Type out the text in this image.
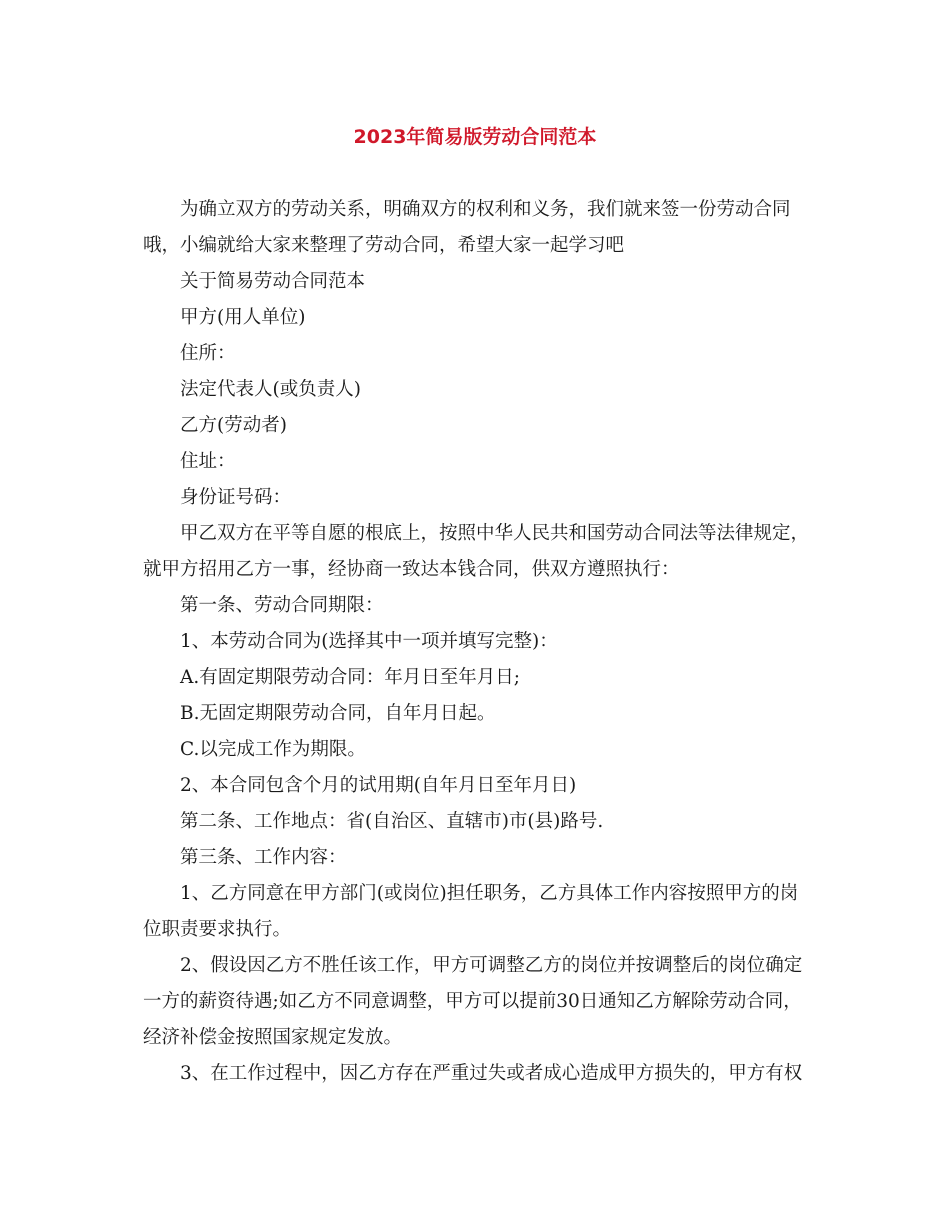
2023年简易版劳动合同范本

为确立双方的劳动关系，明确双方的权利和义务，我们就来签一份劳动合同哦，小编就给大家来整理了劳动合同，希望大家一起学习吧

关于简易劳动合同范本

甲方(用人单位)

住所：

法定代表人(或负责人)

乙方(劳动者)

住址：

身份证号码：

甲乙双方在平等自愿的根底上，按照中华人民共和国劳动合同法等法律规定，就甲方招用乙方一事，经协商一致达本钱合同，供双方遵照执行：

第一条、劳动合同期限：

1、本劳动合同为(选择其中一项并填写完整)：

A.有固定期限劳动合同：年月日至年月日;

B.无固定期限劳动合同，自年月日起。

C.以完成工作为期限。

2、本合同包含个月的试用期(自年月日至年月日)

第二条、工作地点：省(自治区、直辖市)市(县)路号.

第三条、工作内容：

1、乙方同意在甲方部门(或岗位)担任职务，乙方具体工作内容按照甲方的岗位职责要求执行。

2、假设因乙方不胜任该工作，甲方可调整乙方的岗位并按调整后的岗位确定一方的薪资待遇;如乙方不同意调整，甲方可以提前30日通知乙方解除劳动合同，经济补偿金按照国家规定发放。

3、在工作过程中，因乙方存在严重过失或者成心造成甲方损失的，甲方有权
